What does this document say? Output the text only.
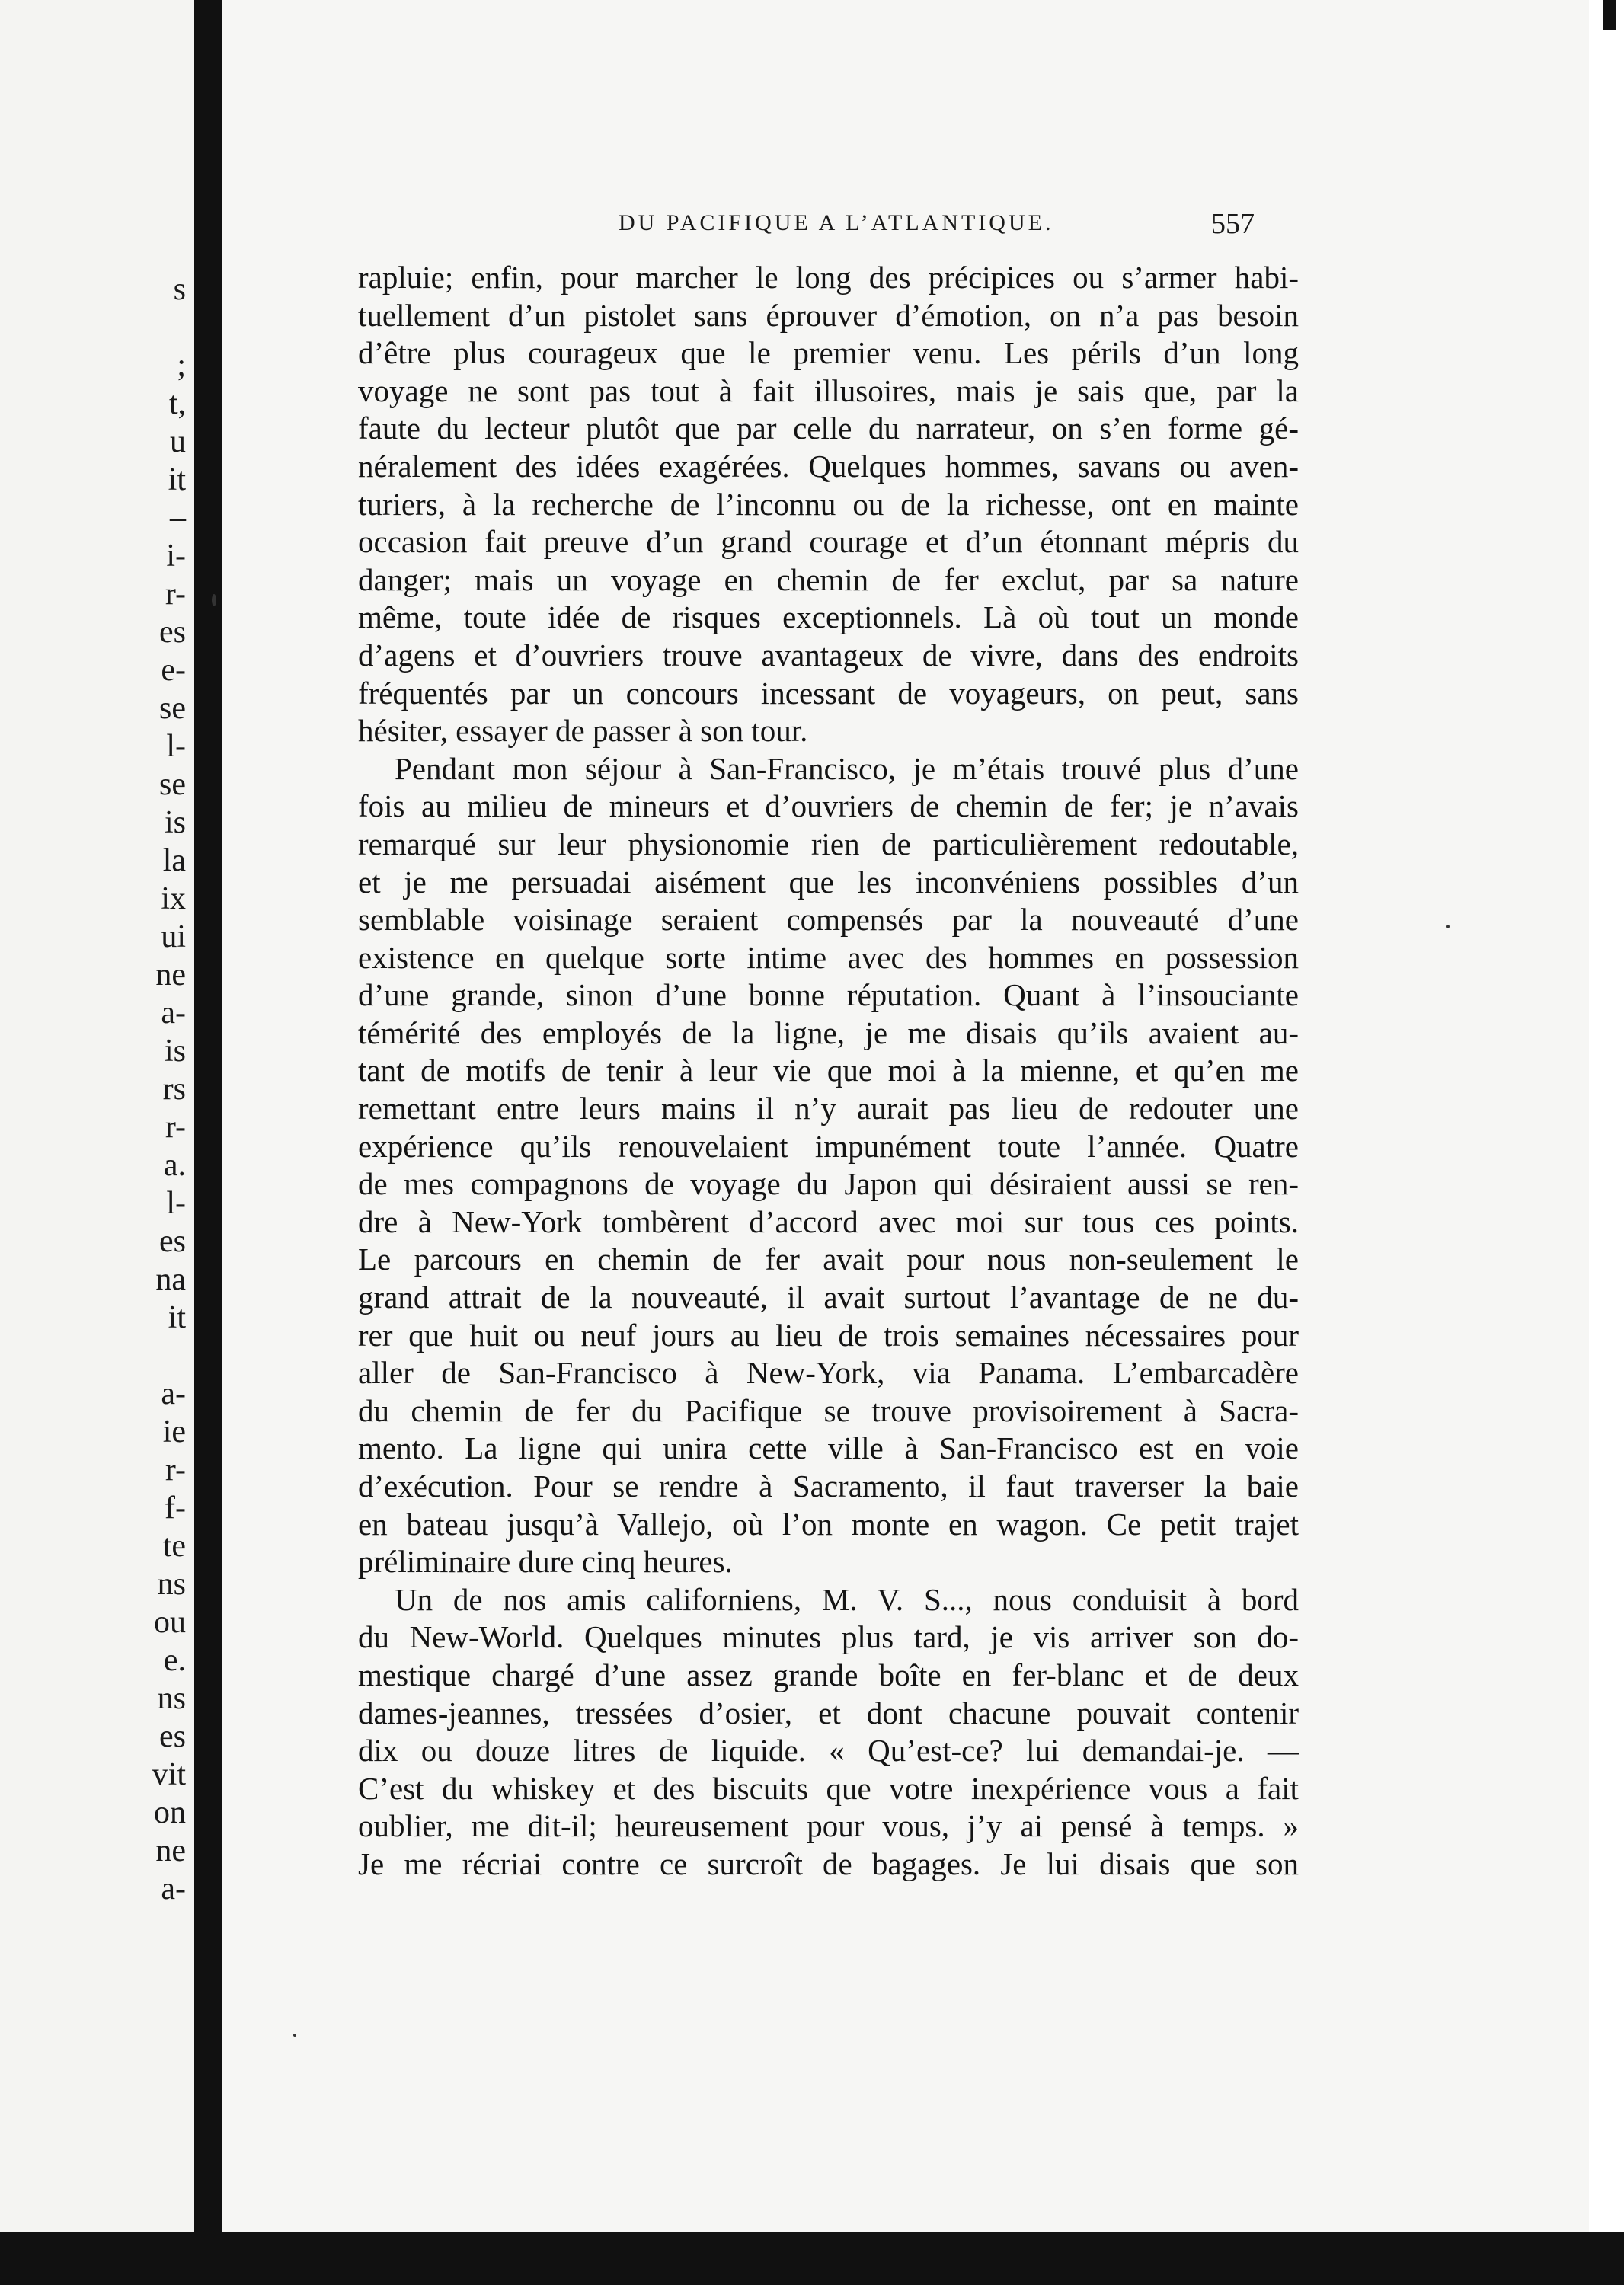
s
;
t,
u
it
–
i-
r-
es
e-
se
l-
se
is
la
ix
ui
ne
a-
is
rs
r-
a.
l-
es
na
it
a-
ie
r-
f-
te
ns
ou
e.
ns
es
vit
on
ne
a-
DU PACIFIQUE A L’ATLANTIQUE.	557
rapluie; enfin, pour marcher le long des précipices ou s’armer habi-
tuellement d’un pistolet sans éprouver d’émotion, on n’a pas besoin
d’être plus courageux que le premier venu. Les périls d’un long
voyage ne sont pas tout à fait illusoires, mais je sais que, par la
faute du lecteur plutôt que par celle du narrateur, on s’en forme gé-
néralement des idées exagérées. Quelques hommes, savans ou aven-
turiers, à la recherche de l’inconnu ou de la richesse, ont en mainte
occasion fait preuve d’un grand courage et d’un étonnant mépris du
danger; mais un voyage en chemin de fer exclut, par sa nature
même, toute idée de risques exceptionnels. Là où tout un monde
d’agens et d’ouvriers trouve avantageux de vivre, dans des endroits
fréquentés par un concours incessant de voyageurs, on peut, sans
hésiter, essayer de passer à son tour.
Pendant mon séjour à San-Francisco, je m’étais trouvé plus d’une
fois au milieu de mineurs et d’ouvriers de chemin de fer; je n’avais
remarqué sur leur physionomie rien de particulièrement redoutable,
et je me persuadai aisément que les inconvéniens possibles d’un
semblable voisinage seraient compensés par la nouveauté d’une
existence en quelque sorte intime avec des hommes en possession
d’une grande, sinon d’une bonne réputation. Quant à l’insouciante
témérité des employés de la ligne, je me disais qu’ils avaient au-
tant de motifs de tenir à leur vie que moi à la mienne, et qu’en me
remettant entre leurs mains il n’y aurait pas lieu de redouter une
expérience qu’ils renouvelaient impunément toute l’année. Quatre
de mes compagnons de voyage du Japon qui désiraient aussi se ren-
dre à New-York tombèrent d’accord avec moi sur tous ces points.
Le parcours en chemin de fer avait pour nous non-seulement le
grand attrait de la nouveauté, il avait surtout l’avantage de ne du-
rer que huit ou neuf jours au lieu de trois semaines nécessaires pour
aller de San-Francisco à New-York, via Panama. L’embarcadère
du chemin de fer du Pacifique se trouve provisoirement à Sacra-
mento. La ligne qui unira cette ville à San-Francisco est en voie
d’exécution. Pour se rendre à Sacramento, il faut traverser la baie
en bateau jusqu’à Vallejo, où l’on monte en wagon. Ce petit trajet
préliminaire dure cinq heures.
Un de nos amis californiens, M. V. S..., nous conduisit à bord
du New-World. Quelques minutes plus tard, je vis arriver son do-
mestique chargé d’une assez grande boîte en fer-blanc et de deux
dames-jeannes, tressées d’osier, et dont chacune pouvait contenir
dix ou douze litres de liquide. « Qu’est-ce? lui demandai-je. —
C’est du whiskey et des biscuits que votre inexpérience vous a fait
oublier, me dit-il; heureusement pour vous, j’y ai pensé à temps. »
Je me récriai contre ce surcroît de bagages. Je lui disais que son
